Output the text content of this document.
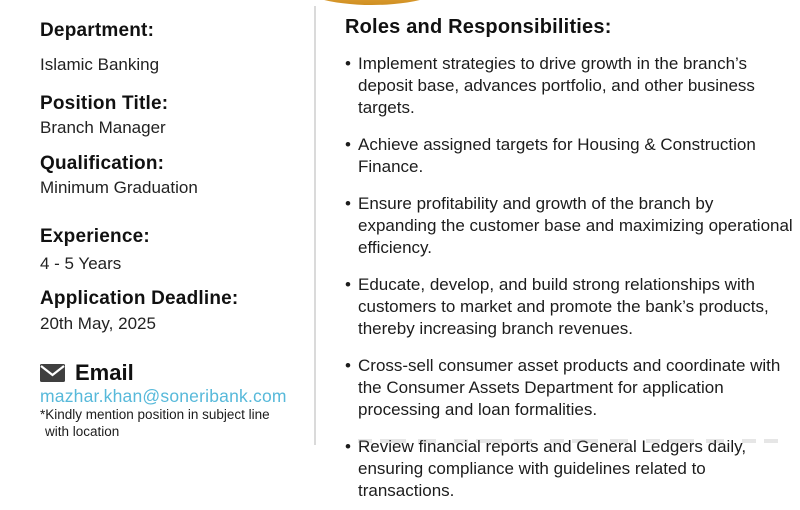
Department:
Islamic Banking
Position Title:
Branch Manager
Qualification:
Minimum Graduation
Experience:
4 - 5 Years
Application Deadline:
20th May, 2025
Email
mazhar.khan@soneribank.com
*Kindly mention position in subject line with location
Roles and Responsibilities:
• Implement strategies to drive growth in the branch’s deposit base, advances portfolio, and other business targets.
• Achieve assigned targets for Housing & Construction Finance.
• Ensure profitability and growth of the branch by expanding the customer base and maximizing operational efficiency.
• Educate, develop, and build strong relationships with customers to market and promote the bank’s products, thereby increasing branch revenues.
• Cross-sell consumer asset products and coordinate with the Consumer Assets Department for application processing and loan formalities.
• Review financial reports and General Ledgers daily, ensuring compliance with guidelines related to transactions.
